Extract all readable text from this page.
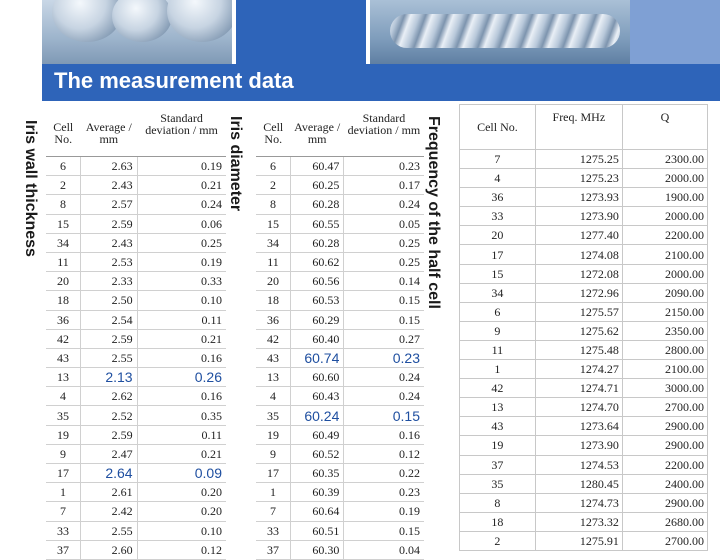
The measurement data
Iris wall thickness	Iris diameter	Frequency of the half cell
Cell No.	Average / mm	Standard deviation / mm
6	2.63	0.19
2	2.43	0.21
8	2.57	0.24
15	2.59	0.06
34	2.43	0.25
11	2.53	0.19
20	2.33	0.33
18	2.50	0.10
36	2.54	0.11
42	2.59	0.21
43	2.55	0.16
13	2.13	0.26
4	2.62	0.16
35	2.52	0.35
19	2.59	0.11
9	2.47	0.21
17	2.64	0.09
1	2.61	0.20
7	2.42	0.20
33	2.55	0.10
37	2.60	0.12
Cell No.	Average / mm	Standard deviation / mm
6	60.47	0.23
2	60.25	0.17
8	60.28	0.24
15	60.55	0.05
34	60.28	0.25
11	60.62	0.25
20	60.56	0.14
18	60.53	0.15
36	60.29	0.15
42	60.40	0.27
43	60.74	0.23
13	60.60	0.24
4	60.43	0.24
35	60.24	0.15
19	60.49	0.16
9	60.52	0.12
17	60.35	0.22
1	60.39	0.23
7	60.64	0.19
33	60.51	0.15
37	60.30	0.04
Cell No.	Freq. MHz	Q
7	1275.25	2300.00
4	1275.23	2000.00
36	1273.93	1900.00
33	1273.90	2000.00
20	1277.40	2200.00
17	1274.08	2100.00
15	1272.08	2000.00
34	1272.96	2090.00
6	1275.57	2150.00
9	1275.62	2350.00
11	1275.48	2800.00
1	1274.27	2100.00
42	1274.71	3000.00
13	1274.70	2700.00
43	1273.64	2900.00
19	1273.90	2900.00
37	1274.53	2200.00
35	1280.45	2400.00
8	1274.73	2900.00
18	1273.32	2680.00
2	1275.91	2700.00
